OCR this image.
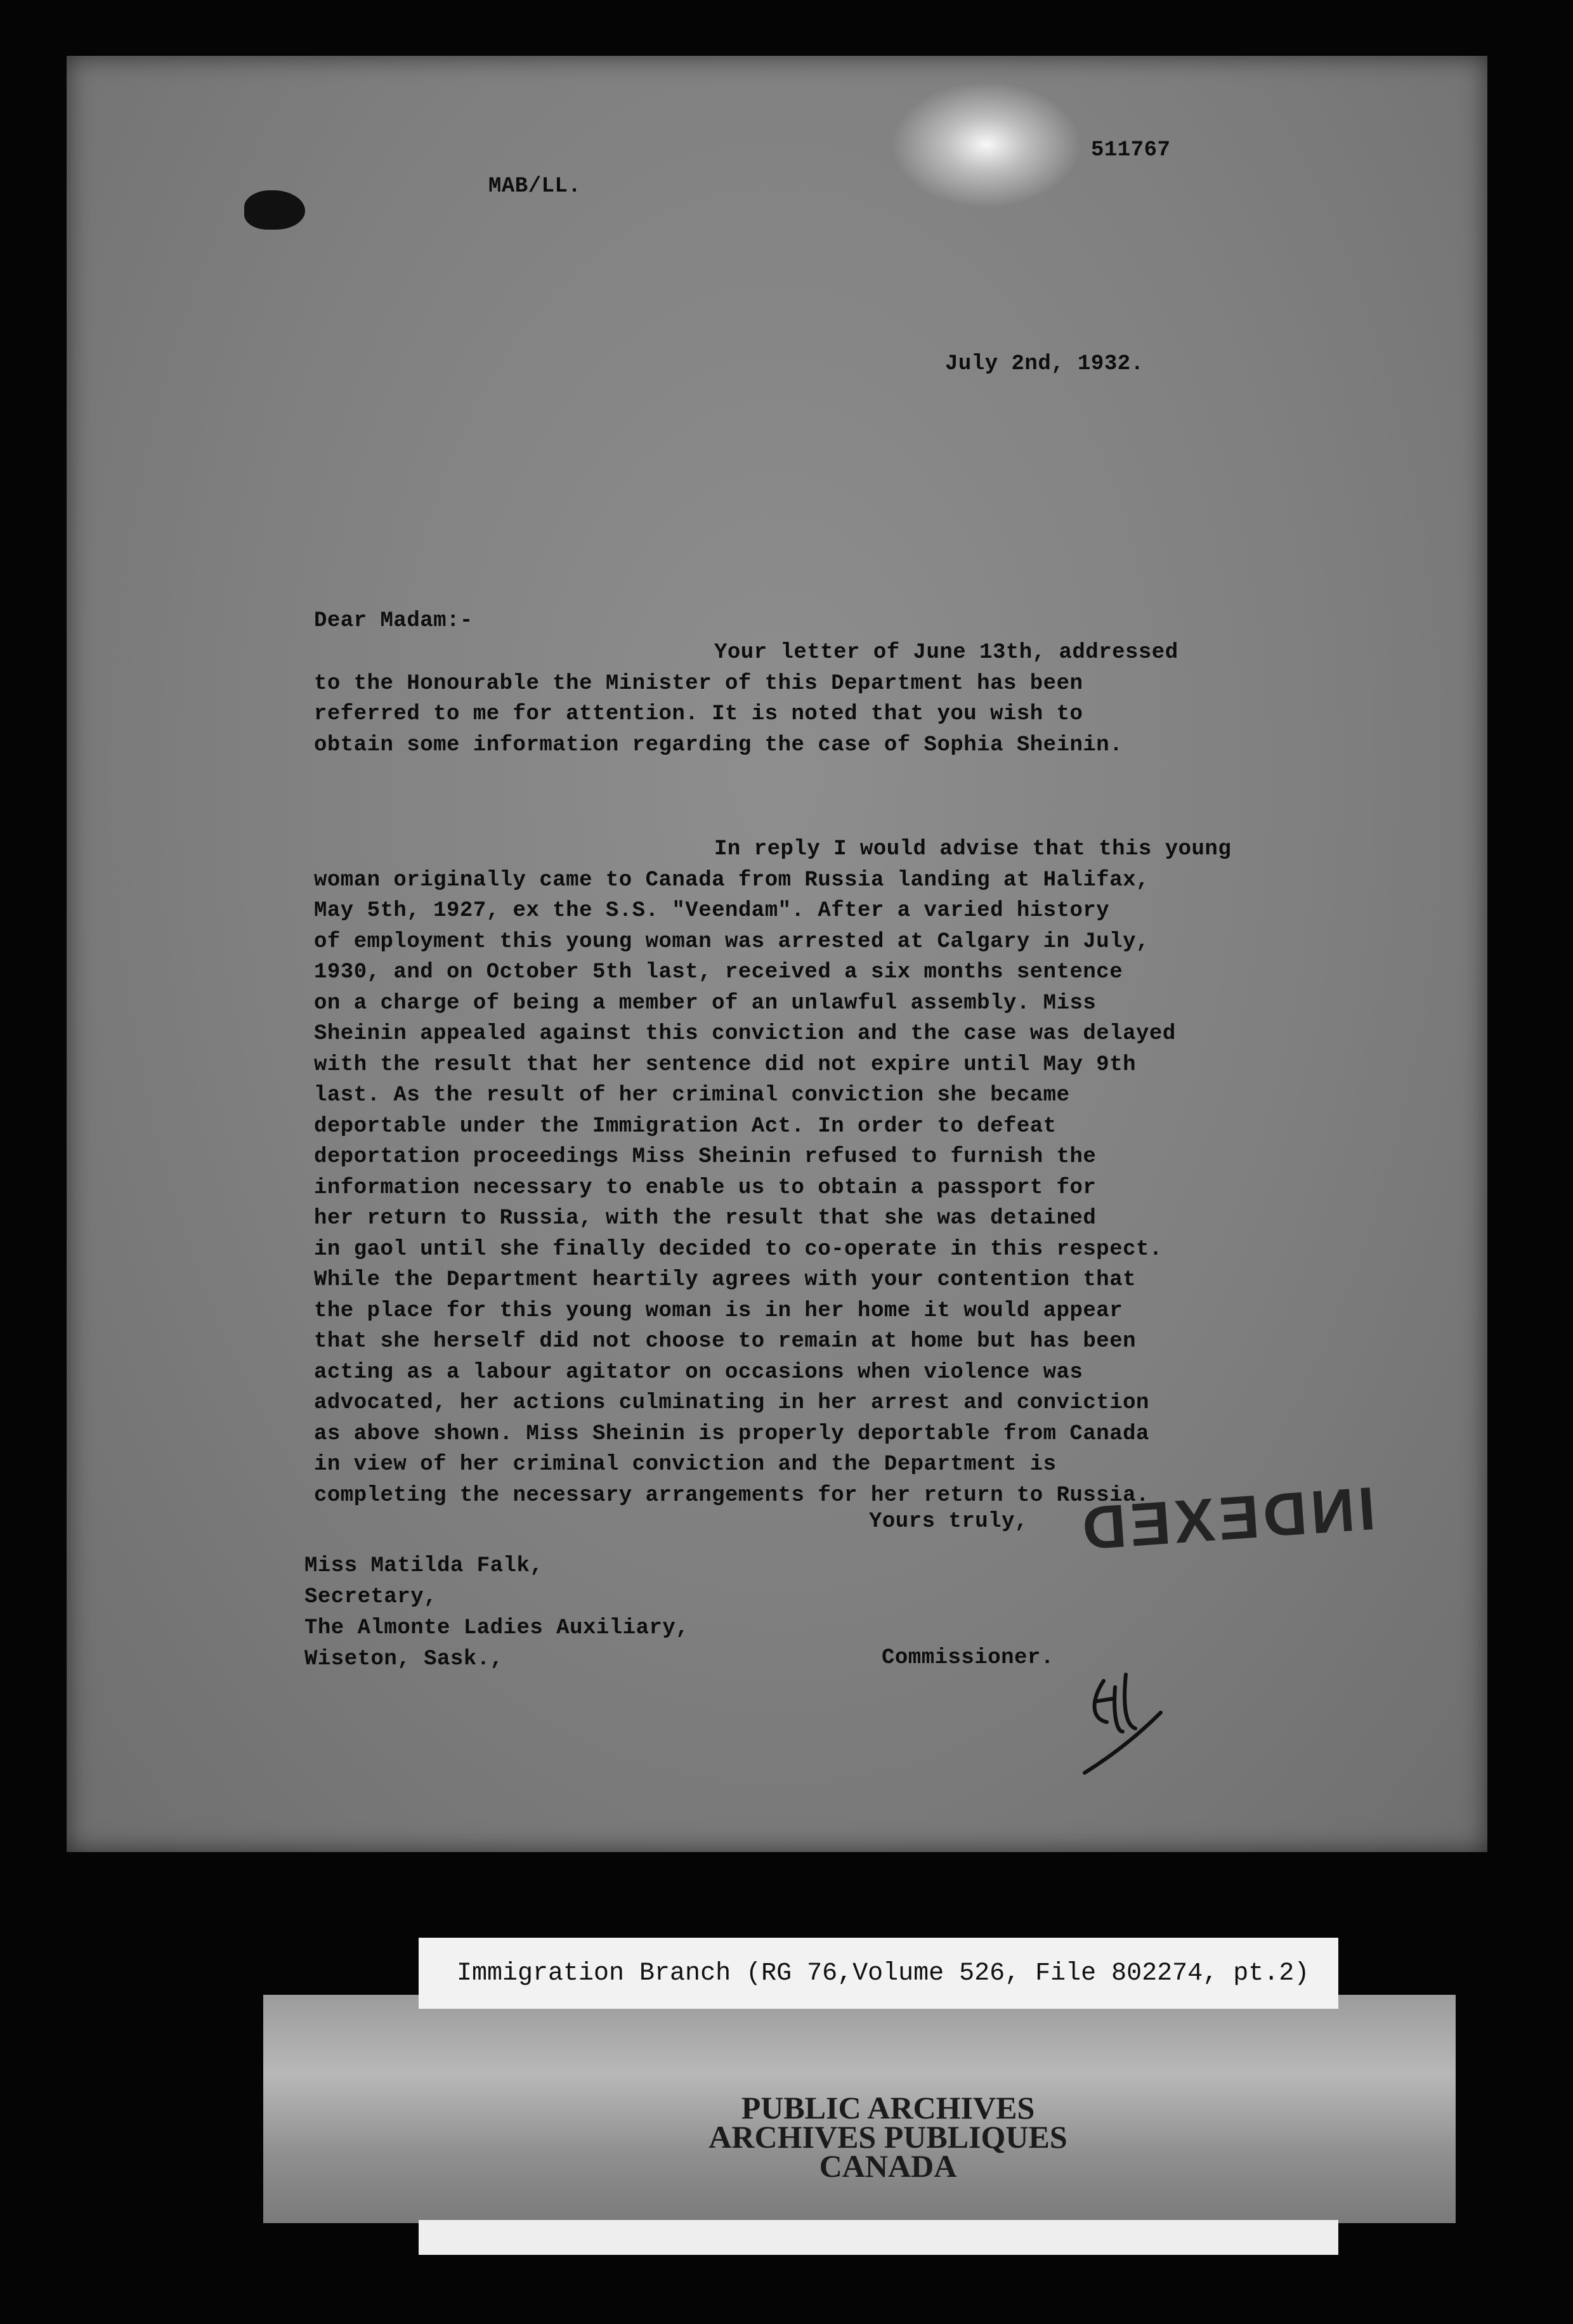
MAB/LL.
511767
July 2nd, 1932.
Dear Madam:-
Your letter of June 13th, addressed
to the Honourable the Minister of this Department has been
referred to me for attention. It is noted that you wish to
obtain some information regarding the case of Sophia Sheinin.
In reply I would advise that this young
woman originally came to Canada from Russia landing at Halifax,
May 5th, 1927, ex the S.S. "Veendam". After a varied history
of employment this young woman was arrested at Calgary in July,
1930, and on October 5th last, received a six months sentence
on a charge of being a member of an unlawful assembly. Miss
Sheinin appealed against this conviction and the case was delayed
with the result that her sentence did not expire until May 9th
last. As the result of her criminal conviction she became
deportable under the Immigration Act. In order to defeat
deportation proceedings Miss Sheinin refused to furnish the
information necessary to enable us to obtain a passport for
her return to Russia, with the result that she was detained
in gaol until she finally decided to co-operate in this respect.
While the Department heartily agrees with your contention that
the place for this young woman is in her home it would appear
that she herself did not choose to remain at home but has been
acting as a labour agitator on occasions when violence was
advocated, her actions culminating in her arrest and conviction
as above shown. Miss Sheinin is properly deportable from Canada
in view of her criminal conviction and the Department is
completing the necessary arrangements for her return to Russia.
INDEXED
Yours truly,
Miss Matilda Falk,
Secretary,
The Almonte Ladies Auxiliary,
Wiseton, Sask.,	Commissioner.
Immigration Branch (RG 76,Volume 526, File 802274, pt.2)
PUBLIC ARCHIVES
ARCHIVES PUBLIQUES
CANADA
